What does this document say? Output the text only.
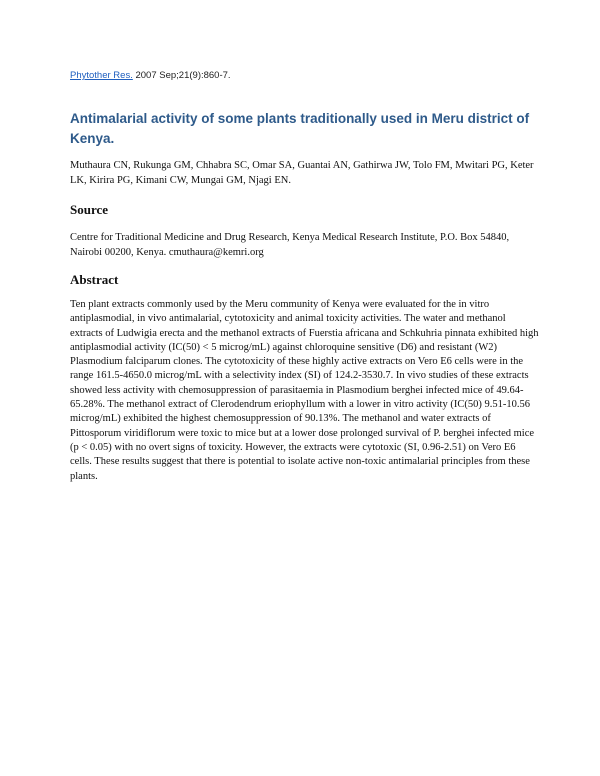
Phytother Res. 2007 Sep;21(9):860-7.
Antimalarial activity of some plants traditionally used in Meru district of Kenya.

Muthaura CN, Rukunga GM, Chhabra SC, Omar SA, Guantai AN, Gathirwa JW, Tolo FM, Mwitari PG, Keter LK, Kirira PG, Kimani CW, Mungai GM, Njagi EN.

Source

Centre for Traditional Medicine and Drug Research, Kenya Medical Research Institute, P.O. Box 54840, Nairobi 00200, Kenya. cmuthaura@kemri.org

Abstract

Ten plant extracts commonly used by the Meru community of Kenya were evaluated for the in vitro antiplasmodial, in vivo antimalarial, cytotoxicity and animal toxicity activities. The water and methanol extracts of Ludwigia erecta and the methanol extracts of Fuerstia africana and Schkuhria pinnata exhibited high antiplasmodial activity (IC(50) < 5 microg/mL) against chloroquine sensitive (D6) and resistant (W2) Plasmodium falciparum clones. The cytotoxicity of these highly active extracts on Vero E6 cells were in the range 161.5-4650.0 microg/mL with a selectivity index (SI) of 124.2-3530.7. In vivo studies of these extracts showed less activity with chemosuppression of parasitaemia in Plasmodium berghei infected mice of 49.64-65.28%. The methanol extract of Clerodendrum eriophyllum with a lower in vitro activity (IC(50) 9.51-10.56 microg/mL) exhibited the highest chemosuppression of 90.13%. The methanol and water extracts of Pittosporum viridiflorum were toxic to mice but at a lower dose prolonged survival of P. berghei infected mice (p < 0.05) with no overt signs of toxicity. However, the extracts were cytotoxic (SI, 0.96-2.51) on Vero E6 cells. These results suggest that there is potential to isolate active non-toxic antimalarial principles from these plants.
